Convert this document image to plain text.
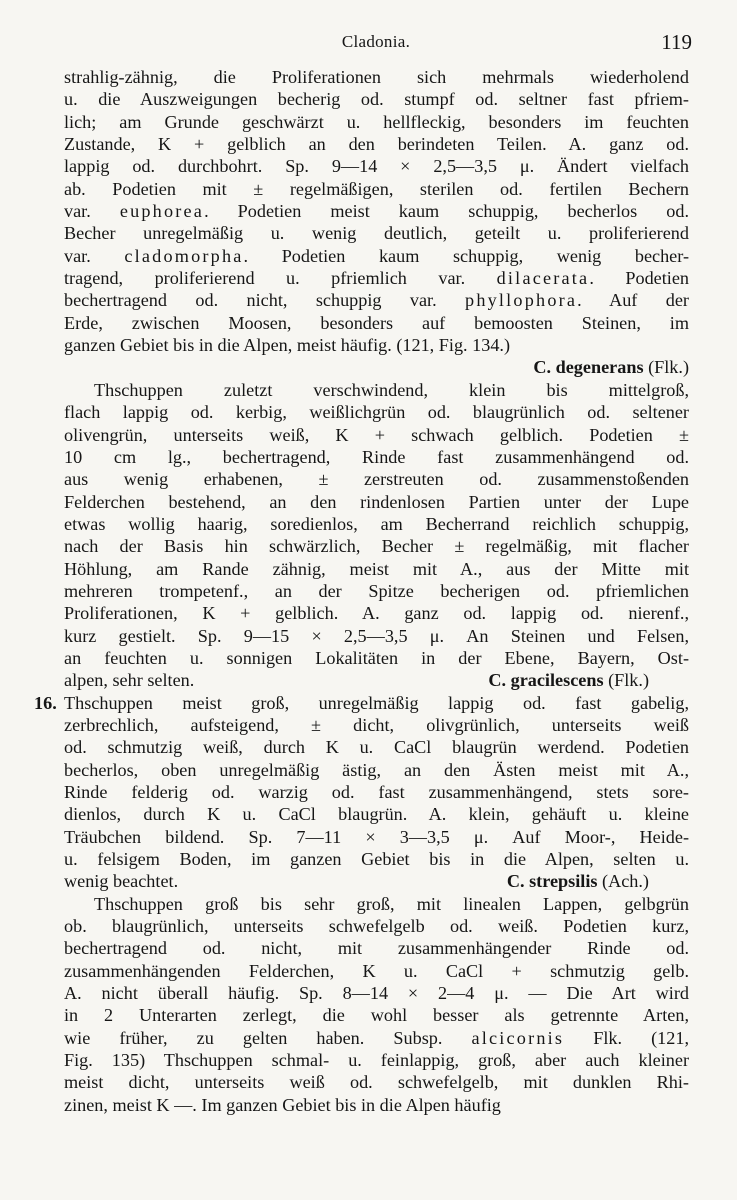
Cladonia.	119
strahlig-zähnig, die Proliferationen sich mehrmals wiederholend
u. die Auszweigungen becherig od. stumpf od. seltner fast pfriem-
lich; am Grunde geschwärzt u. hellfleckig, besonders im feuchten
Zustande, K + gelblich an den berindeten Teilen. A. ganz od.
lappig od. durchbohrt. Sp. 9—14 × 2,5—3,5 μ. Ändert vielfach
ab. Podetien mit ± regelmäßigen, sterilen od. fertilen Bechern
var. euphorea. Podetien meist kaum schuppig, becherlos od.
Becher unregelmäßig u. wenig deutlich, geteilt u. proliferierend
var. cladomorpha. Podetien kaum schuppig, wenig becher-
tragend, proliferierend u. pfriemlich var. dilacerata. Podetien
bechertragend od. nicht, schuppig var. phyllophora. Auf der
Erde, zwischen Moosen, besonders auf bemoosten Steinen, im
ganzen Gebiet bis in die Alpen, meist häufig. (121, Fig. 134.)
C. degenerans (Flk.)
Thschuppen zuletzt verschwindend, klein bis mittelgroß,
flach lappig od. kerbig, weißlichgrün od. blaugrünlich od. seltener
olivengrün, unterseits weiß, K + schwach gelblich. Podetien ±
10 cm lg., bechertragend, Rinde fast zusammenhängend od.
aus wenig erhabenen, ± zerstreuten od. zusammenstoßenden
Felderchen bestehend, an den rindenlosen Partien unter der Lupe
etwas wollig haarig, soredienlos, am Becherrand reichlich schuppig,
nach der Basis hin schwärzlich, Becher ± regelmäßig, mit flacher
Höhlung, am Rande zähnig, meist mit A., aus der Mitte mit
mehreren trompetenf., an der Spitze becherigen od. pfriemlichen
Proliferationen, K + gelblich. A. ganz od. lappig od. nierenf.,
kurz gestielt. Sp. 9—15 × 2,5—3,5 μ. An Steinen und Felsen,
an feuchten u. sonnigen Lokalitäten in der Ebene, Bayern, Ost-
alpen, sehr selten.	C. gracilescens (Flk.)
16. Thschuppen meist groß, unregelmäßig lappig od. fast gabelig,
zerbrechlich, aufsteigend, ± dicht, olivgrünlich, unterseits weiß
od. schmutzig weiß, durch K u. CaCl blaugrün werdend. Podetien
becherlos, oben unregelmäßig ästig, an den Ästen meist mit A.,
Rinde felderig od. warzig od. fast zusammenhängend, stets sore-
dienlos, durch K u. CaCl blaugrün. A. klein, gehäuft u. kleine
Träubchen bildend. Sp. 7—11 × 3—3,5 μ. Auf Moor-, Heide-
u. felsigem Boden, im ganzen Gebiet bis in die Alpen, selten u.
wenig beachtet.	C. strepsilis (Ach.)
Thschuppen groß bis sehr groß, mit linealen Lappen, gelbgrün
ob. blaugrünlich, unterseits schwefelgelb od. weiß. Podetien kurz,
bechertragend od. nicht, mit zusammenhängender Rinde od.
zusammenhängenden Felderchen, K u. CaCl + schmutzig gelb.
A. nicht überall häufig. Sp. 8—14 × 2—4 μ. — Die Art wird
in 2 Unterarten zerlegt, die wohl besser als getrennte Arten,
wie früher, zu gelten haben. Subsp. alcicornis Flk. (121,
Fig. 135) Thschuppen schmal- u. feinlappig, groß, aber auch kleiner
meist dicht, unterseits weiß od. schwefelgelb, mit dunklen Rhi-
zinen, meist K —. Im ganzen Gebiet bis in die Alpen häufig
